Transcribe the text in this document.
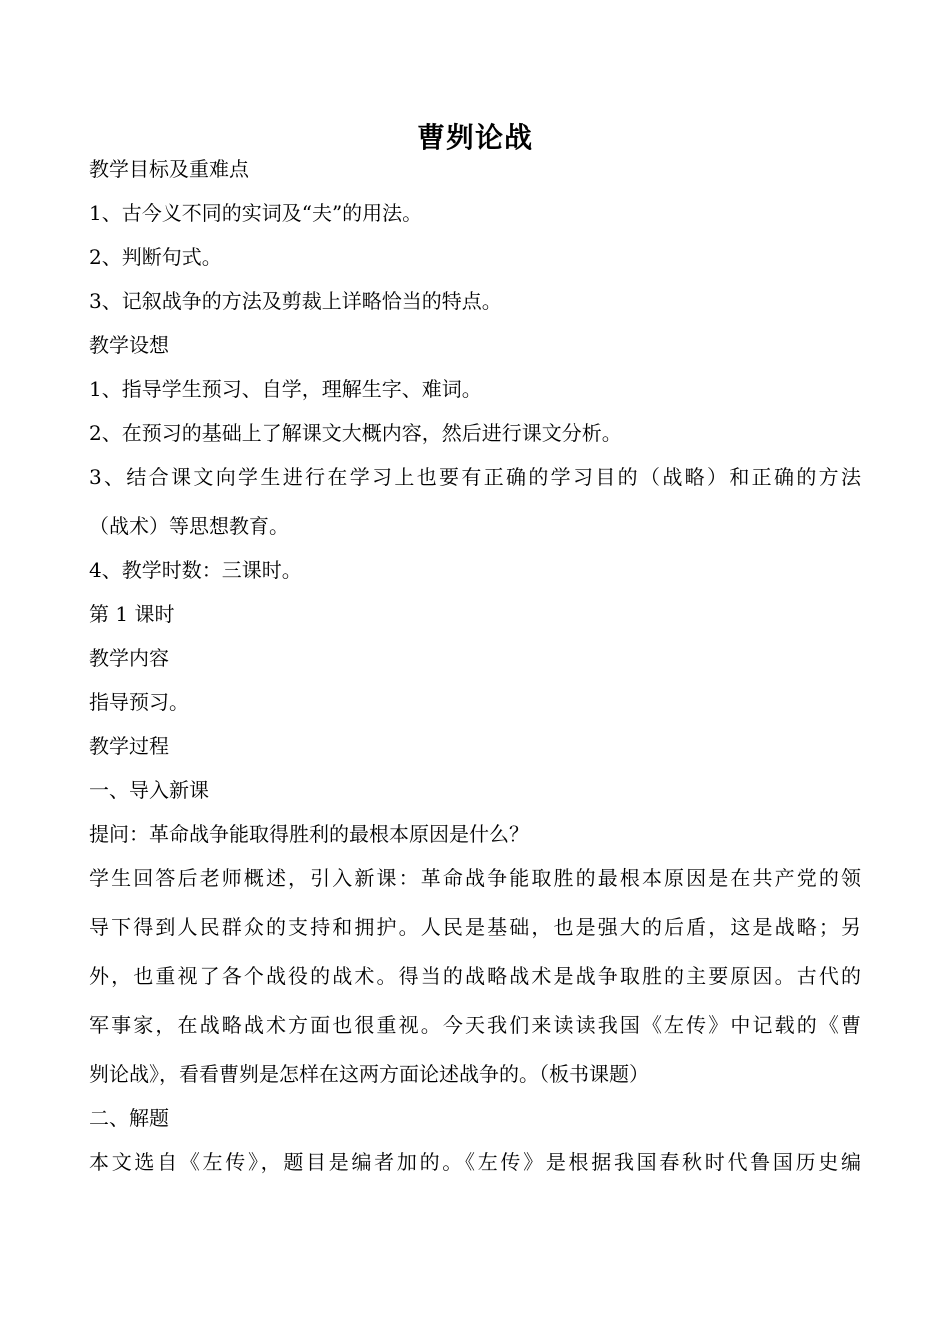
曹刿论战
教学目标及重难点
1、古今义不同的实词及“夫”的用法。
2、判断句式。
3、记叙战争的方法及剪裁上详略恰当的特点。
教学设想
1、指导学生预习、自学，理解生字、难词。
2、在预习的基础上了解课文大概内容，然后进行课文分析。
3、结合课文向学生进行在学习上也要有正确的学习目的（战略）和正确的方法
（战术）等思想教育。
4、教学时数：三课时。
第 1 课时
教学内容
指导预习。
教学过程
一、导入新课
提问：革命战争能取得胜利的最根本原因是什么？
学生回答后老师概述，引入新课：革命战争能取胜的最根本原因是在共产党的领
导下得到人民群众的支持和拥护。人民是基础，也是强大的后盾，这是战略；另
外，也重视了各个战役的战术。得当的战略战术是战争取胜的主要原因。古代的
军事家，在战略战术方面也很重视。今天我们来读读我国《左传》中记载的《曹
刿论战》，看看曹刿是怎样在这两方面论述战争的。（板书课题）
二、解题
本文选自《左传》，题目是编者加的。《左传》是根据我国春秋时代鲁国历史编
